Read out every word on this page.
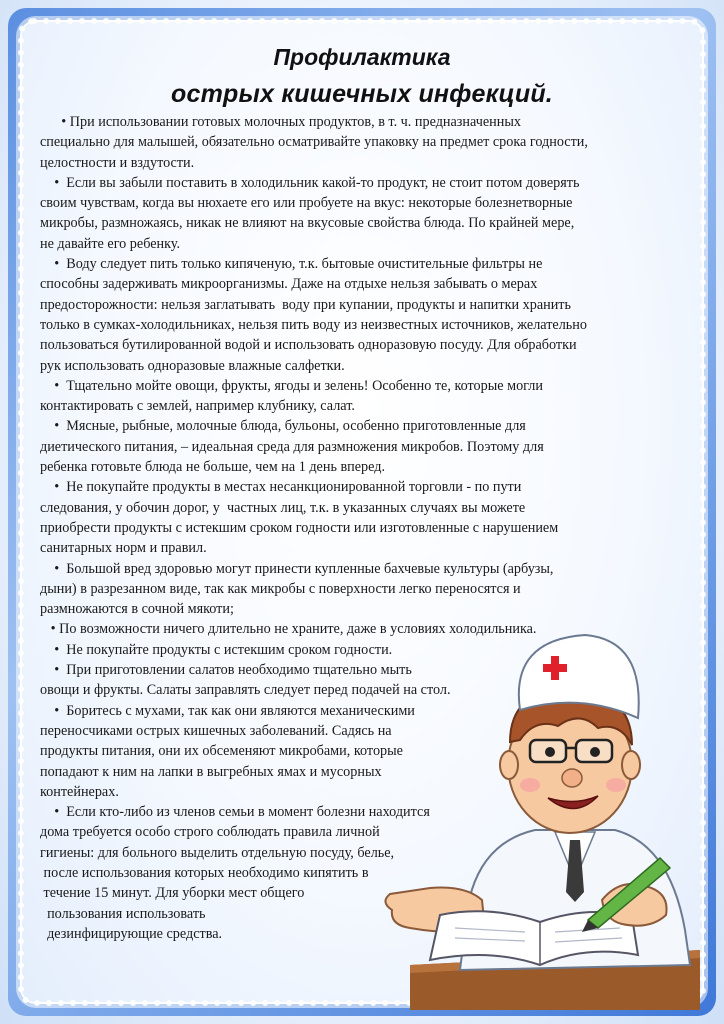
Профилактика
острых кишечных инфекций.
• При использовании готовых молочных продуктов, в т. ч. предназначенных
специально для малышей, обязательно осматривайте упаковку на предмет срока годности,
целостности и вздутости.
•  Если вы забыли поставить в холодильник какой-то продукт, не стоит потом доверять
своим чувствам, когда вы нюхаете его или пробуете на вкус: некоторые болезнетворные
микробы, размножаясь, никак не влияют на вкусовые свойства блюда. По крайней мере,
не давайте его ребенку.
•  Воду следует пить только кипяченую, т.к. бытовые очистительные фильтры не
способны задерживать микроорганизмы. Даже на отдыхе нельзя забывать о мерах
предосторожности: нельзя заглатывать  воду при купании, продукты и напитки хранить
только в сумках-холодильниках, нельзя пить воду из неизвестных источников, желательно
пользоваться бутилированной водой и использовать одноразовую посуду. Для обработки
рук использовать одноразовые влажные салфетки.
•  Тщательно мойте овощи, фрукты, ягоды и зелень! Особенно те, которые могли
контактировать с землей, например клубнику, салат.
•  Мясные, рыбные, молочные блюда, бульоны, особенно приготовленные для
диетического питания, – идеальная среда для размножения микробов. Поэтому для
ребенка готовьте блюда не больше, чем на 1 день вперед.
•  Не покупайте продукты в местах несанкционированной торговли - по пути
следования, у обочин дорог, у  частных лиц, т.к. в указанных случаях вы можете
приобрести продукты с истекшим сроком годности или изготовленные с нарушением
санитарных норм и правил.
•  Большой вред здоровью могут принести купленные бахчевые культуры (арбузы,
дыни) в разрезанном виде, так как микробы с поверхности легко переносятся и
размножаются в сочной мякоти;
• По возможности ничего длительно не храните, даже в условиях холодильника.
•  Не покупайте продукты с истекшим сроком годности.
•  При приготовлении салатов необходимо тщательно мыть
овощи и фрукты. Салаты заправлять следует перед подачей на стол.
•  Боритесь с мухами, так как они являются механическими
переносчиками острых кишечных заболеваний. Садясь на
продукты питания, они их обсеменяют микробами, которые
попадают к ним на лапки в выгребных ямах и мусорных
контейнерах.
•  Если кто-либо из членов семьи в момент болезни находится
дома требуется особо строго соблюдать правила личной
гигиены: для больного выделить отдельную посуду, белье,
после использования которых необходимо кипятить в
течение 15 минут. Для уборки мест общего
пользования использовать
дезинфицирующие средства.
